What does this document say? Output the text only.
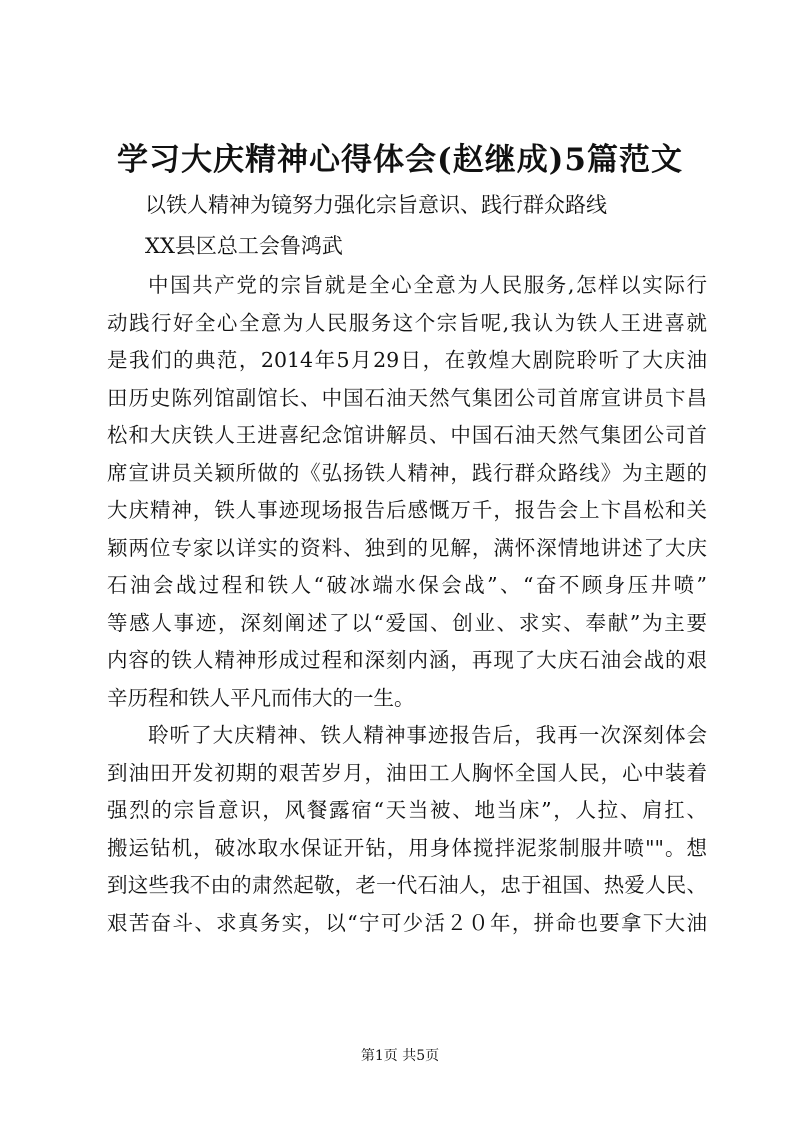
学习大庆精神心得体会(赵继成)5篇范文

以铁人精神为镜努力强化宗旨意识、践行群众路线

XX县区总工会鲁鸿武

中国共产党的宗旨就是全心全意为人民服务,怎样以实际行
动践行好全心全意为人民服务这个宗旨呢,我认为铁人王进喜就
是我们的典范，2014年5月29日，在敦煌大剧院聆听了大庆油
田历史陈列馆副馆长、中国石油天然气集团公司首席宣讲员卞昌
松和大庆铁人王进喜纪念馆讲解员、中国石油天然气集团公司首
席宣讲员关颖所做的《弘扬铁人精神，践行群众路线》为主题的
大庆精神，铁人事迹现场报告后感慨万千，报告会上卞昌松和关
颖两位专家以详实的资料、独到的见解，满怀深情地讲述了大庆
石油会战过程和铁人“破冰端水保会战”、“奋不顾身压井喷”
等感人事迹，深刻阐述了以“爱国、创业、求实、奉献”为主要
内容的铁人精神形成过程和深刻内涵，再现了大庆石油会战的艰
辛历程和铁人平凡而伟大的一生。
聆听了大庆精神、铁人精神事迹报告后，我再一次深刻体会
到油田开发初期的艰苦岁月，油田工人胸怀全国人民，心中装着
强烈的宗旨意识，风餐露宿“天当被、地当床”，人拉、肩扛、
搬运钻机，破冰取水保证开钻，用身体搅拌泥浆制服井喷""。想
到这些我不由的肃然起敬，老一代石油人，忠于祖国、热爱人民、
艰苦奋斗、求真务实，以“宁可少活２０年，拼命也要拿下大油
第1页 共5页
